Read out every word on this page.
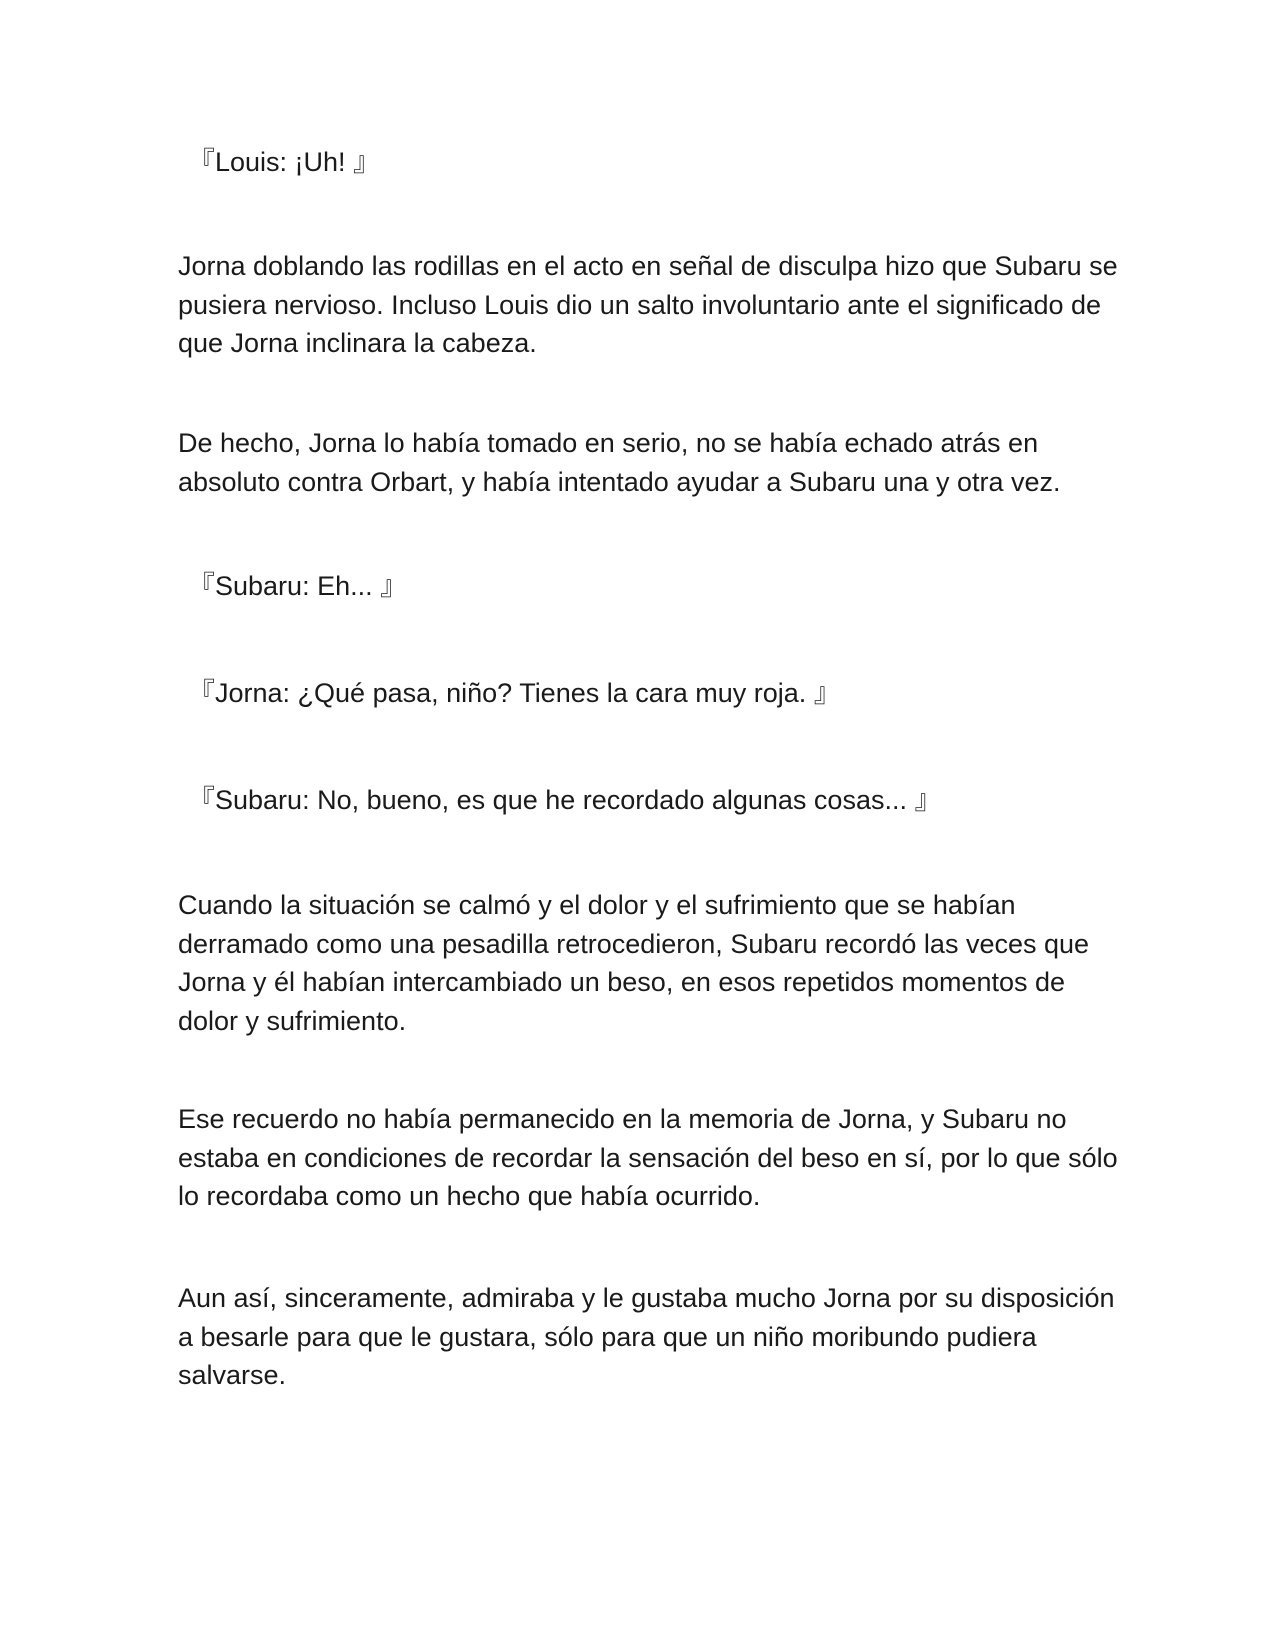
『Louis: ¡Uh! 』

Jorna doblando las rodillas en el acto en señal de disculpa hizo que Subaru se
pusiera nervioso. Incluso Louis dio un salto involuntario ante el significado de
que Jorna inclinara la cabeza.

De hecho, Jorna lo había tomado en serio, no se había echado atrás en
absoluto contra Orbart, y había intentado ayudar a Subaru una y otra vez.

『Subaru: Eh... 』

『Jorna: ¿Qué pasa, niño? Tienes la cara muy roja. 』

『Subaru: No, bueno, es que he recordado algunas cosas... 』

Cuando la situación se calmó y el dolor y el sufrimiento que se habían
derramado como una pesadilla retrocedieron, Subaru recordó las veces que
Jorna y él habían intercambiado un beso, en esos repetidos momentos de
dolor y sufrimiento.

Ese recuerdo no había permanecido en la memoria de Jorna, y Subaru no
estaba en condiciones de recordar la sensación del beso en sí, por lo que sólo
lo recordaba como un hecho que había ocurrido.

Aun así, sinceramente, admiraba y le gustaba mucho Jorna por su disposición
a besarle para que le gustara, sólo para que un niño moribundo pudiera
salvarse.
